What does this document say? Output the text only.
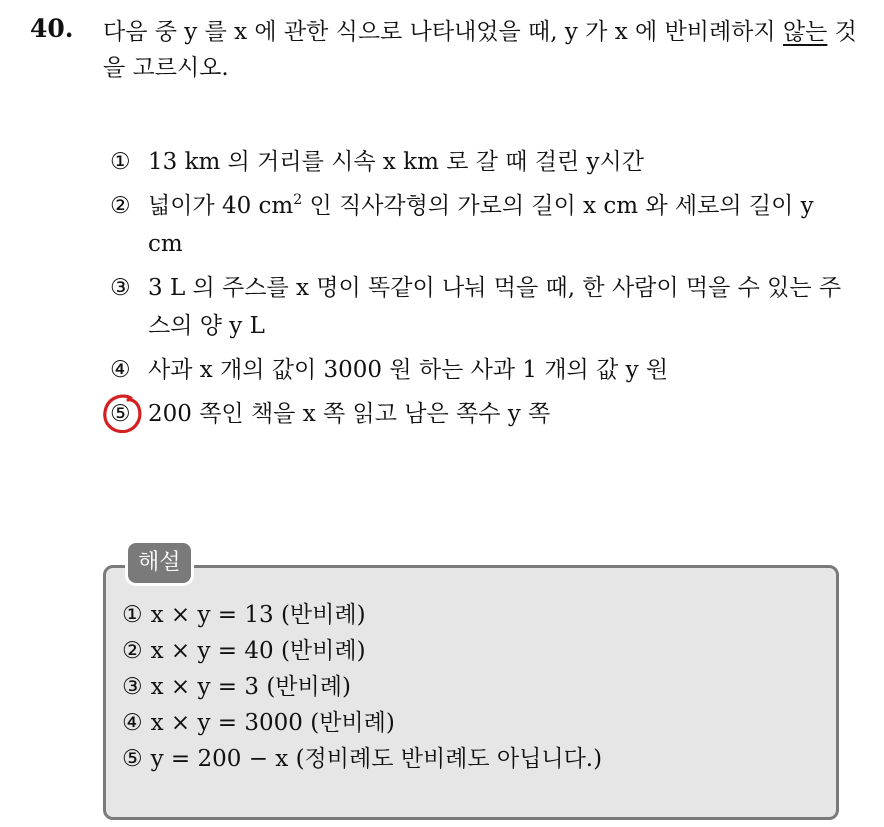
40. 다음 중 y 를 x 에 관한 식으로 나타내었을 때, y 가 x 에 반비례하지 않는 것을 고르시오.
① 13 km 의 거리를 시속 x km 로 갈 때 걸린 y시간
② 넓이가 40 $cm^2$ 인 직사각형의 가로의 길이 x cm 와 세로의 길이 y cm
③ 3 L 의 주스를 x 명이 똑같이 나눠 먹을 때, 한 사람이 먹을 수 있는 주스의 양 y L
④ 사과 x 개의 값이 3000 원 하는 사과 1 개의 값 y 원
⑤ 200 쪽인 책을 x 쪽 읽고 남은 쪽수 y 쪽
해설
① x × y = 13 (반비례)
② x × y = 40 (반비례)
③ x × y = 3 (반비례)
④ x × y = 3000 (반비례)
⑤ y = 200 − x (정비례도 반비례도 아닙니다.)
